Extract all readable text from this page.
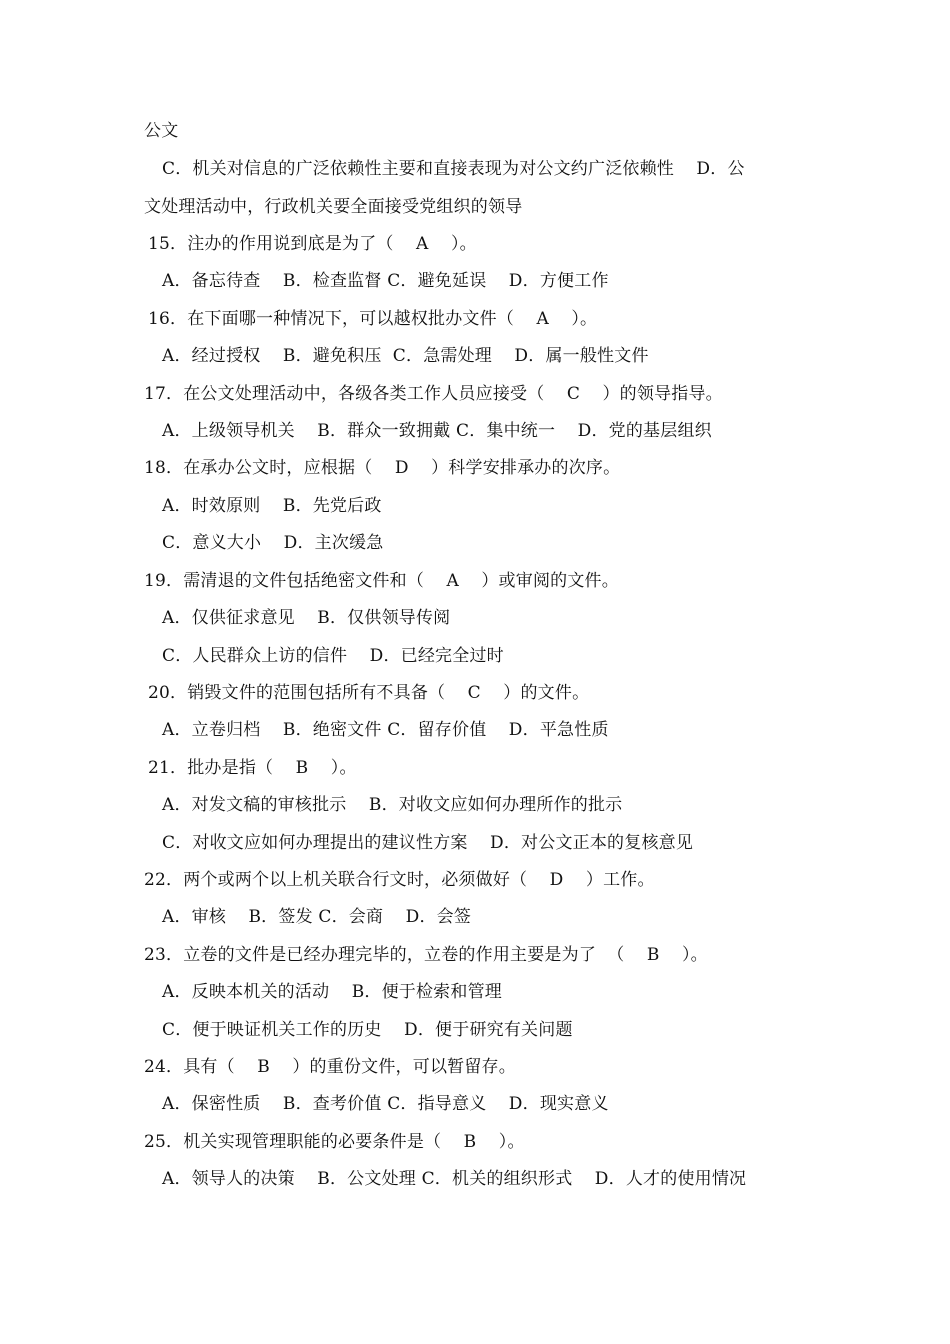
公文
C．机关对信息的广泛依赖性主要和直接表现为对公文约广泛依赖性    D．公
文处理活动中，行政机关要全面接受党组织的领导
15．注办的作用说到底是为了（    A    ）。
A．备忘待查    B．检查监督 C．避免延误    D．方便工作
16．在下面哪一种情况下，可以越权批办文件（    A    ）。
A．经过授权    B．避免积压  C．急需处理    D．属一般性文件
17．在公文处理活动中，各级各类工作人员应接受（    C    ）的领导指导。
A．上级领导机关    B．群众一致拥戴 C．集中统一    D．党的基层组织
18．在承办公文时，应根据（    D    ）科学安排承办的次序。
A．时效原则    B．先党后政
C．意义大小    D．主次缓急
19．需清退的文件包括绝密文件和（    A    ）或审阅的文件。
A．仅供征求意见    B．仅供领导传阅
C．人民群众上访的信件    D．已经完全过时
20．销毁文件的范围包括所有不具备（    C    ）的文件。
A．立卷归档    B．绝密文件 C．留存价值    D．平急性质
21．批办是指（    B    ）。
A．对发文稿的审核批示    B．对收文应如何办理所作的批示
C．对收文应如何办理提出的建议性方案    D．对公文正本的复核意见
22．两个或两个以上机关联合行文时，必须做好（    D    ）工作。
A．审核    B．签发 C．会商    D．会签
23．立卷的文件是已经办理完毕的，立卷的作用主要是为了  （    B    ）。
A．反映本机关的活动    B．便于检索和管理
C．便于映证机关工作的历史    D．便于研究有关问题
24．具有（    B    ）的重份文件，可以暂留存。
A．保密性质    B．查考价值 C．指导意义    D．现实意义
25．机关实现管理职能的必要条件是（    B    ）。
A．领导人的决策    B．公文处理 C．机关的组织形式    D．人才的使用情况
